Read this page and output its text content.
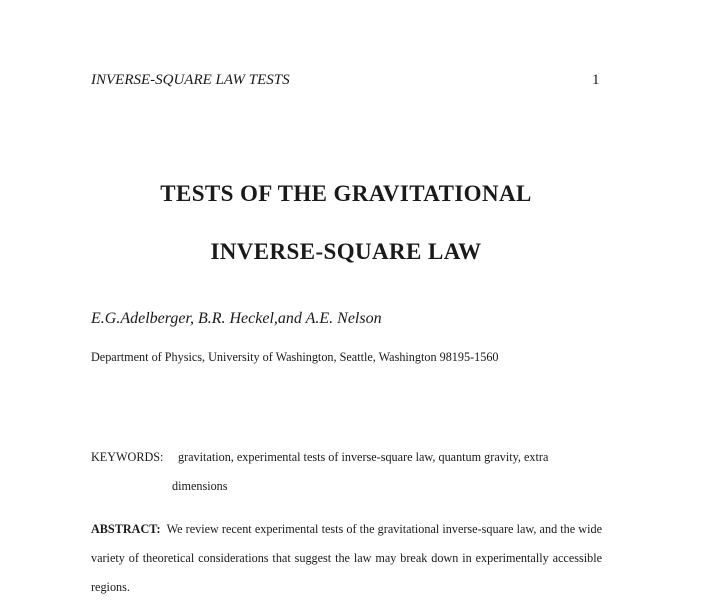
INVERSE-SQUARE LAW TESTS	1
TESTS OF THE GRAVITATIONAL
INVERSE-SQUARE LAW
E.G.Adelberger, B.R. Heckel,and A.E. Nelson
Department of Physics, University of Washington, Seattle, Washington 98195-1560
KEYWORDS: gravitation, experimental tests of inverse-square law, quantum gravity, extra
dimensions
ABSTRACT: We review recent experimental tests of the gravitational inverse-square law, and the wide variety of theoretical considerations that suggest the law may break down in experimentally accessible regions.
